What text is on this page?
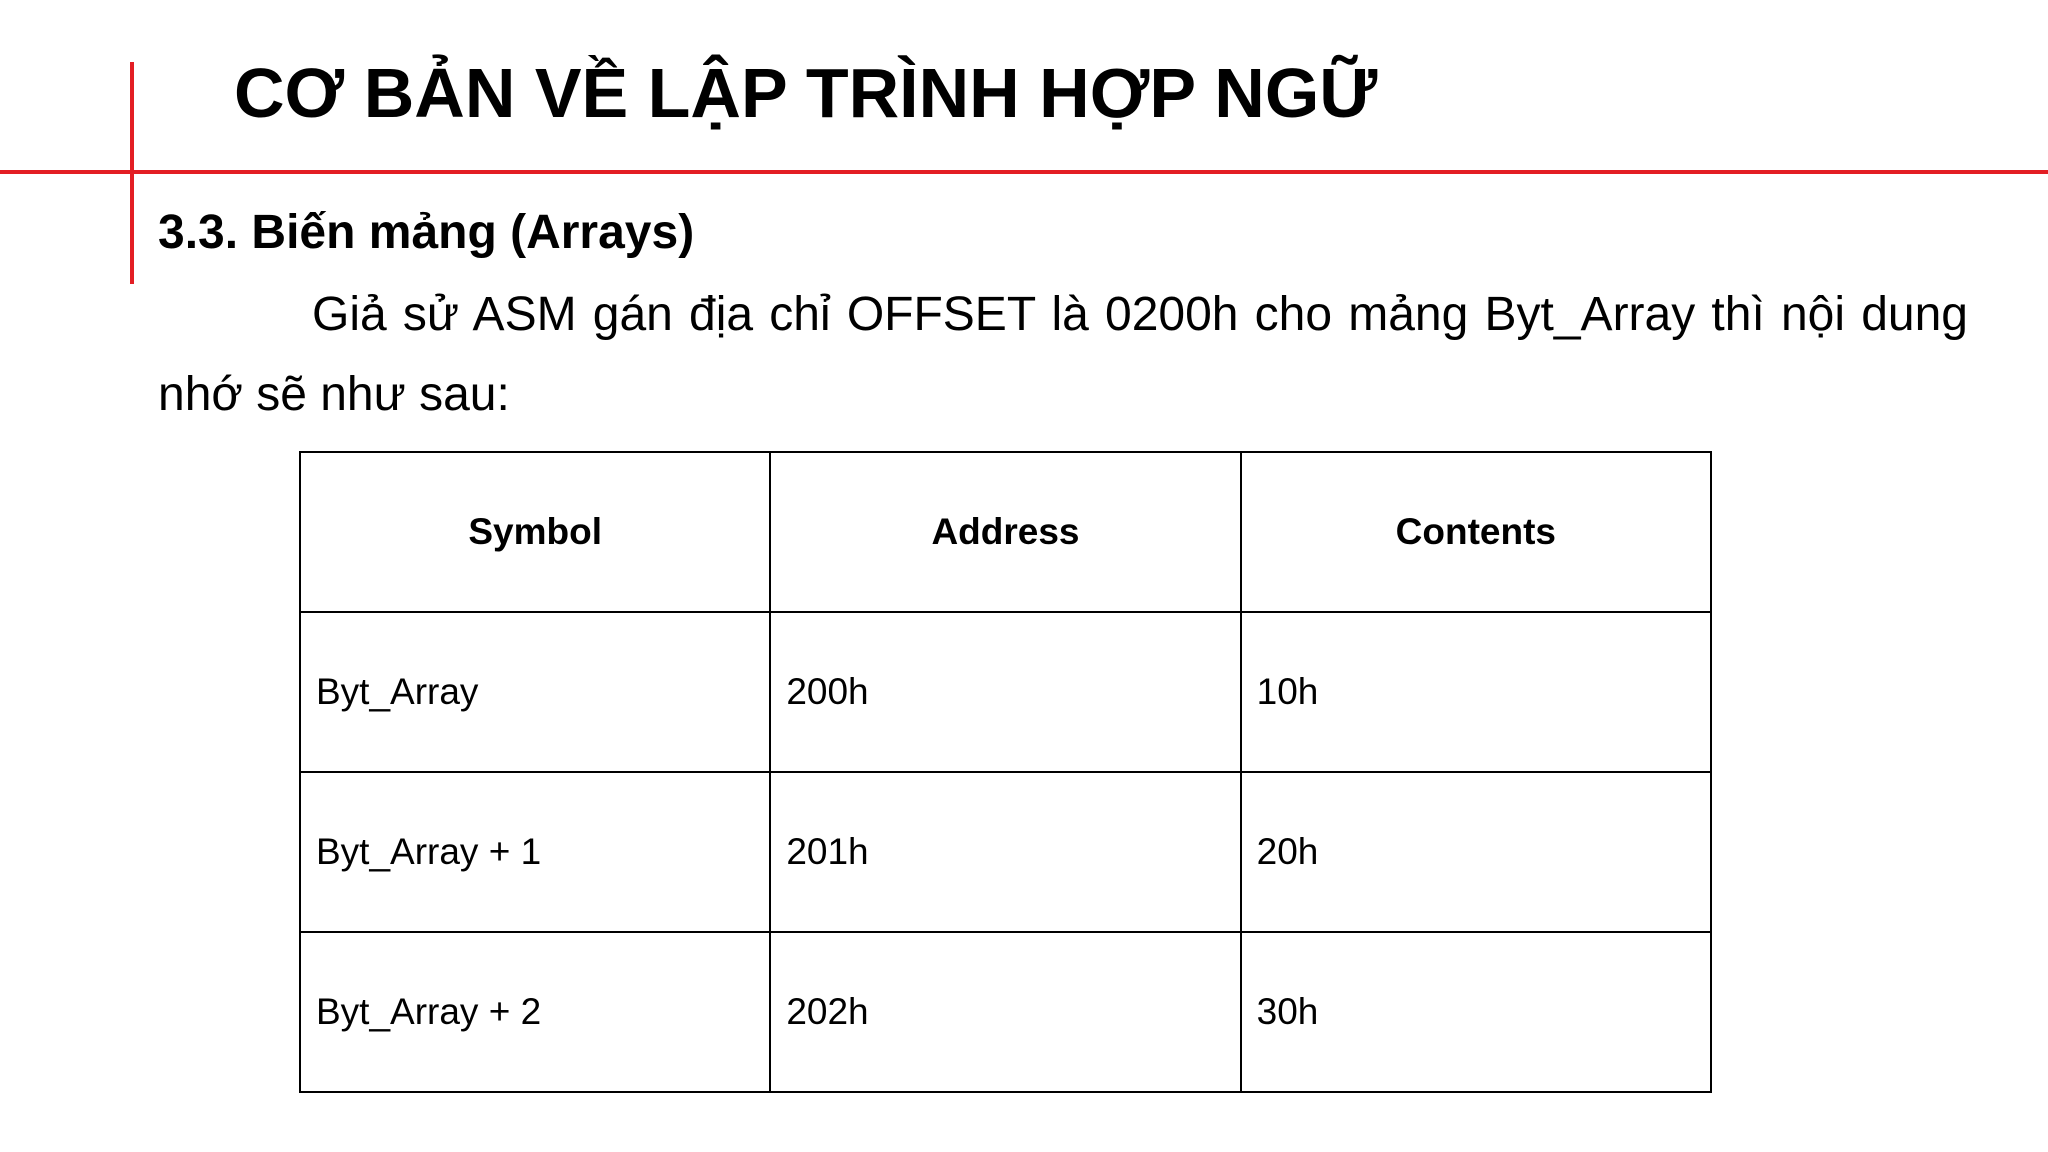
CƠ BẢN VỀ LẬP TRÌNH HỢP NGỮ
3.3. Biến mảng (Arrays)

Giả sử ASM gán địa chỉ OFFSET là 0200h cho mảng Byt_Array thì nội dung nhớ sẽ như sau:

Symbol	Address	Contents
Byt_Array	200h	10h
Byt_Array + 1	201h	20h
Byt_Array + 2	202h	30h
